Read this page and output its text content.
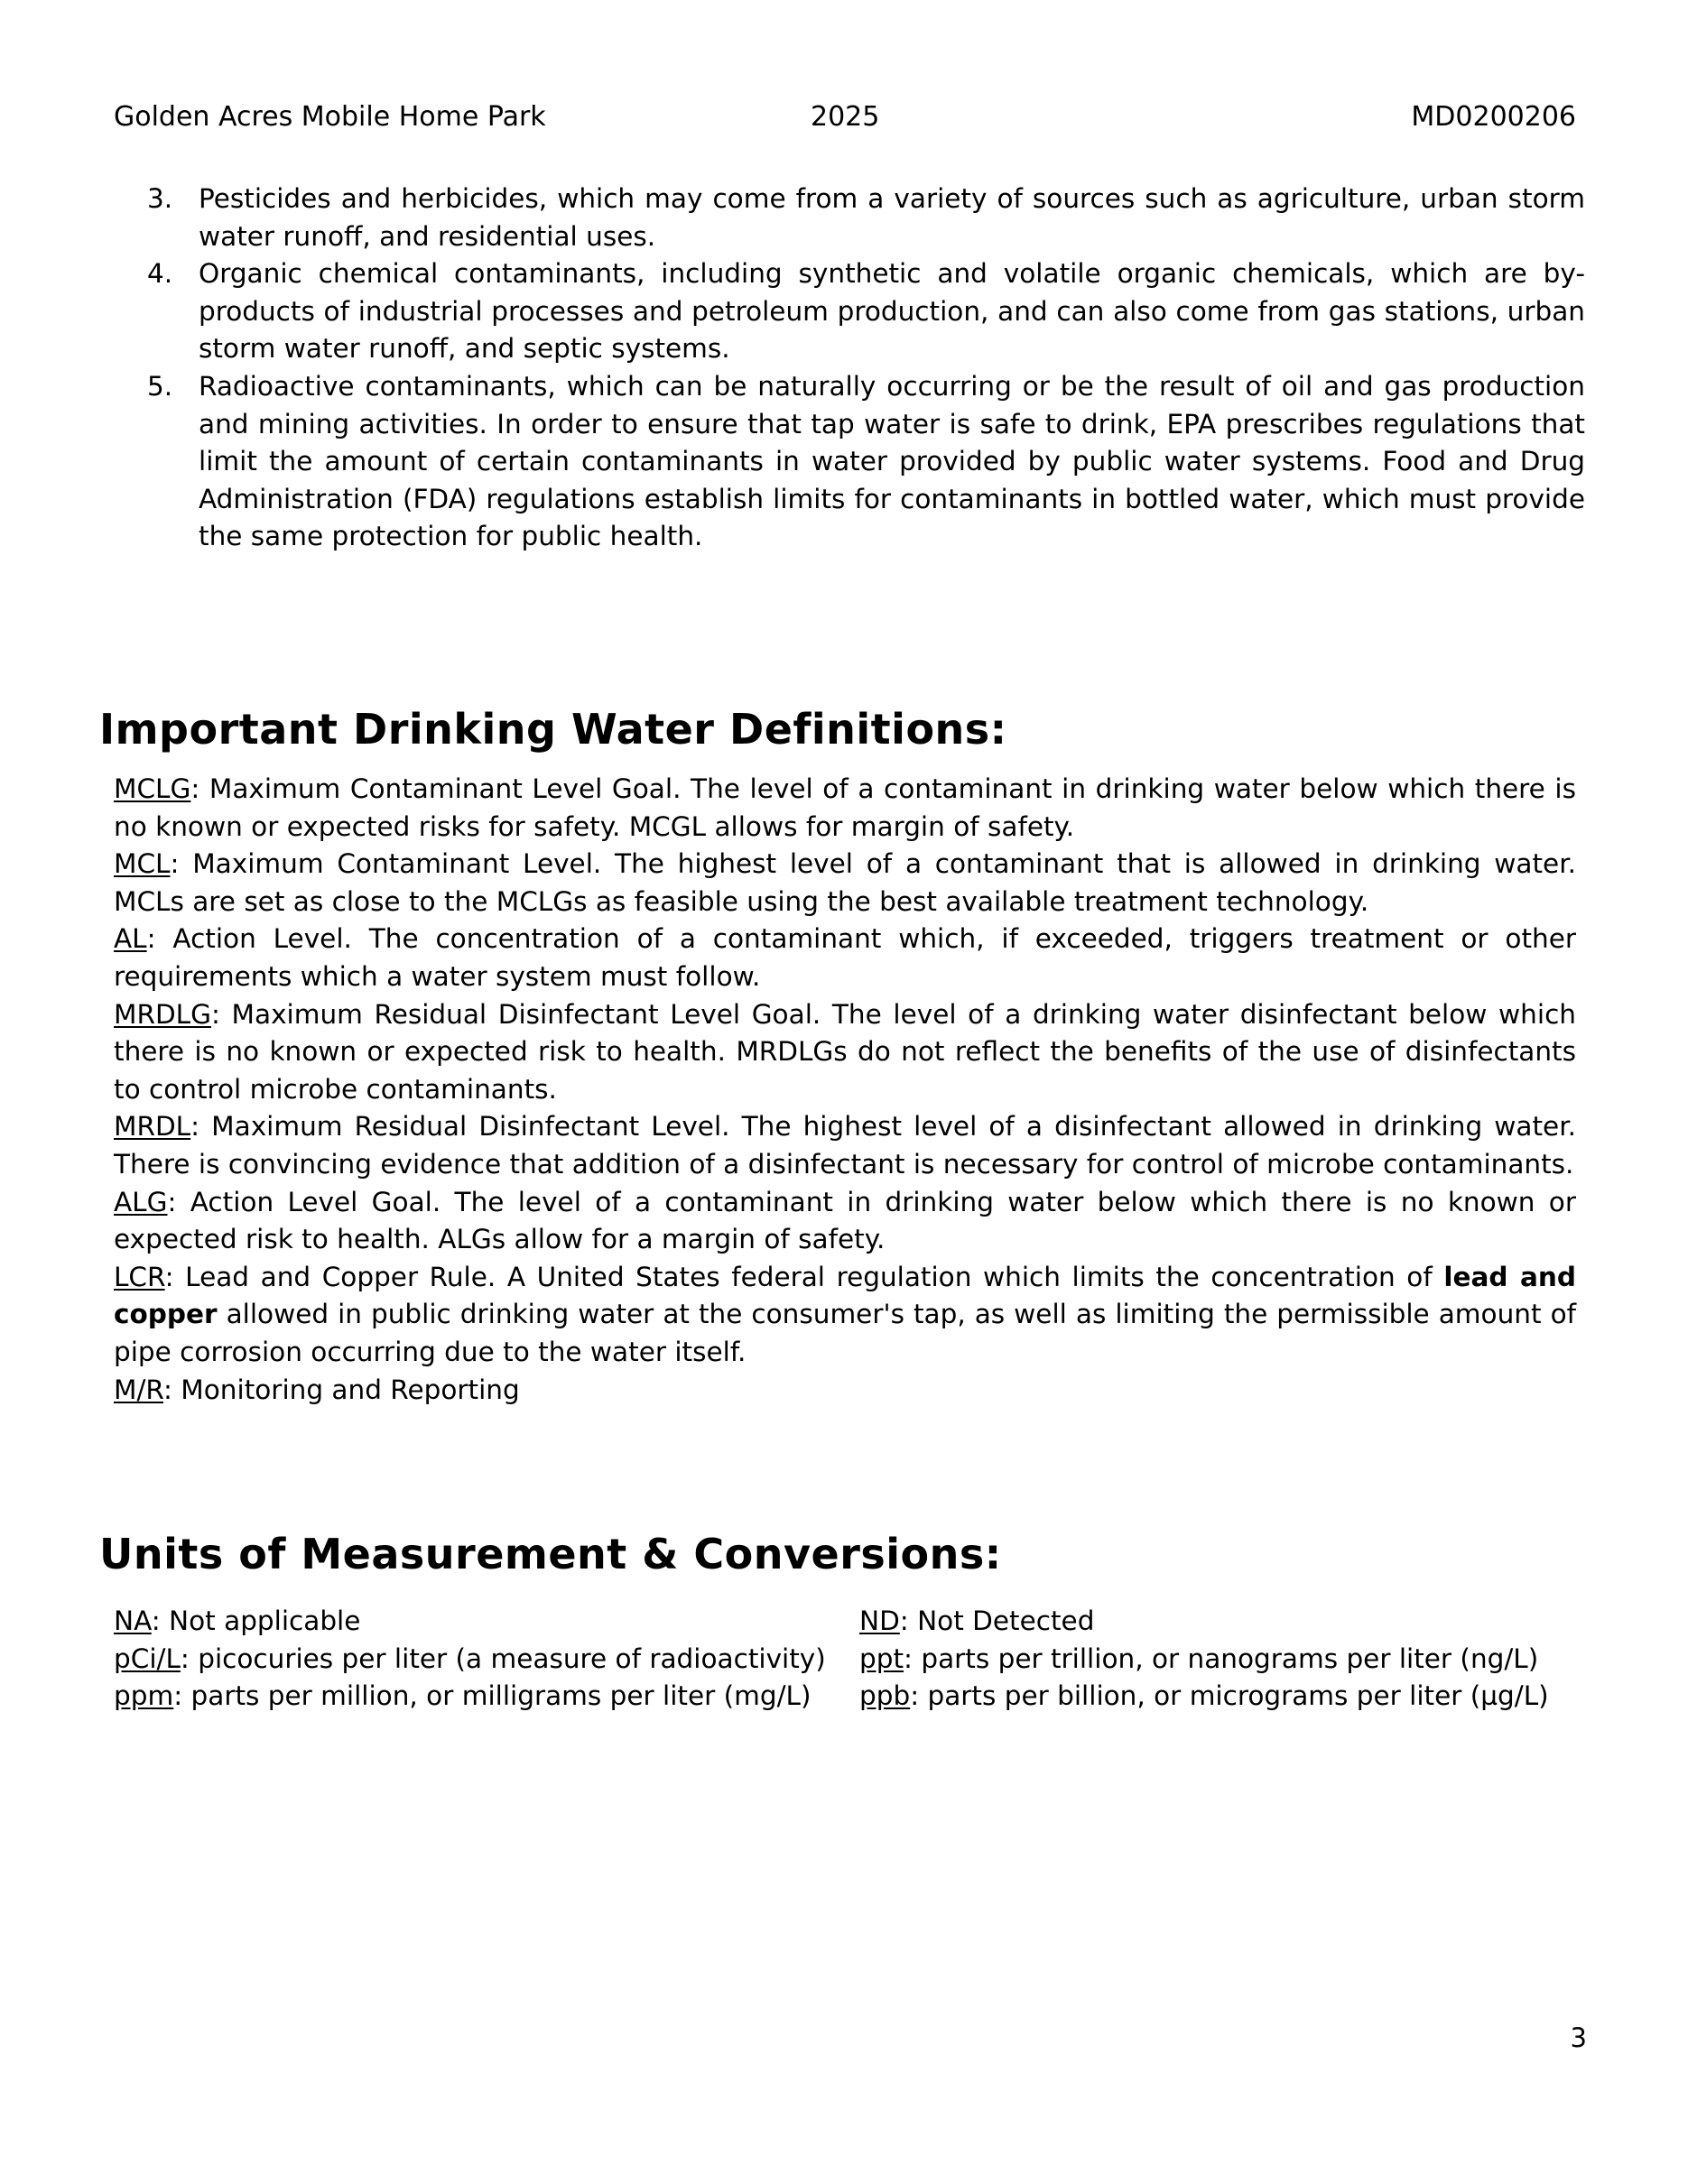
Golden Acres Mobile Home Park	2025	MD0200206
3. Pesticides and herbicides, which may come from a variety of sources such as agriculture, urban storm water runoff, and residential uses.
4. Organic chemical contaminants, including synthetic and volatile organic chemicals, which are by-products of industrial processes and petroleum production, and can also come from gas stations, urban storm water runoff, and septic systems.
5. Radioactive contaminants, which can be naturally occurring or be the result of oil and gas production and mining activities. In order to ensure that tap water is safe to drink, EPA prescribes regulations that limit the amount of certain contaminants in water provided by public water systems. Food and Drug Administration (FDA) regulations establish limits for contaminants in bottled water, which must provide the same protection for public health.
Important Drinking Water Definitions:

MCLG: Maximum Contaminant Level Goal. The level of a contaminant in drinking water below which there is no known or expected risks for safety. MCGL allows for margin of safety.

MCL: Maximum Contaminant Level. The highest level of a contaminant that is allowed in drinking water. MCLs are set as close to the MCLGs as feasible using the best available treatment technology.

AL: Action Level. The concentration of a contaminant which, if exceeded, triggers treatment or other requirements which a water system must follow.

MRDLG: Maximum Residual Disinfectant Level Goal. The level of a drinking water disinfectant below which there is no known or expected risk to health. MRDLGs do not reflect the benefits of the use of disinfectants to control microbe contaminants.

MRDL: Maximum Residual Disinfectant Level. The highest level of a disinfectant allowed in drinking water. There is convincing evidence that addition of a disinfectant is necessary for control of microbe contaminants.

ALG: Action Level Goal. The level of a contaminant in drinking water below which there is no known or expected risk to health. ALGs allow for a margin of safety.

LCR: Lead and Copper Rule. A United States federal regulation which limits the concentration of lead and copper allowed in public drinking water at the consumer's tap, as well as limiting the permissible amount of pipe corrosion occurring due to the water itself.

M/R: Monitoring and Reporting

Units of Measurement & Conversions:
NA: Not applicable
pCi/L: picocuries per liter (a measure of radioactivity)
ppm: parts per million, or milligrams per liter (mg/L)
ND: Not Detected
ppt: parts per trillion, or nanograms per liter (ng/L)
ppb: parts per billion, or micrograms per liter (µg/L)
3
